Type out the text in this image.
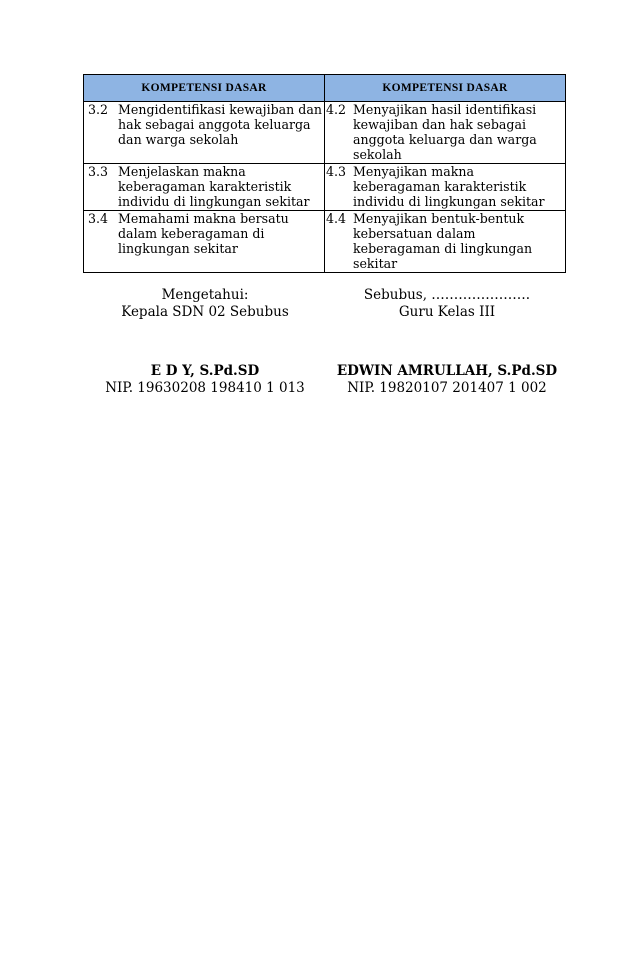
KOMPETENSI DASAR	KOMPETENSI DASAR

3.2 Mengidentifikasi kewajiban dan hak sebagai anggota keluarga dan warga sekolah	4.2 Menyajikan hasil identifikasi kewajiban dan hak sebagai anggota keluarga dan warga sekolah

3.3 Menjelaskan makna keberagaman karakteristik individu di lingkungan sekitar	4.3 Menyajikan makna keberagaman karakteristik individu di lingkungan sekitar

3.4 Memahami makna bersatu dalam keberagaman di lingkungan sekitar	4.4 Menyajikan bentuk-bentuk kebersatuan dalam keberagaman di lingkungan sekitar
Mengetahui:
Kepala SDN 02 Sebubus
E D Y, S.Pd.SD
NIP. 19630208 198410 1 013
Sebubus, ………………….
Guru Kelas III
EDWIN AMRULLAH, S.Pd.SD
NIP. 19820107 201407 1 002
